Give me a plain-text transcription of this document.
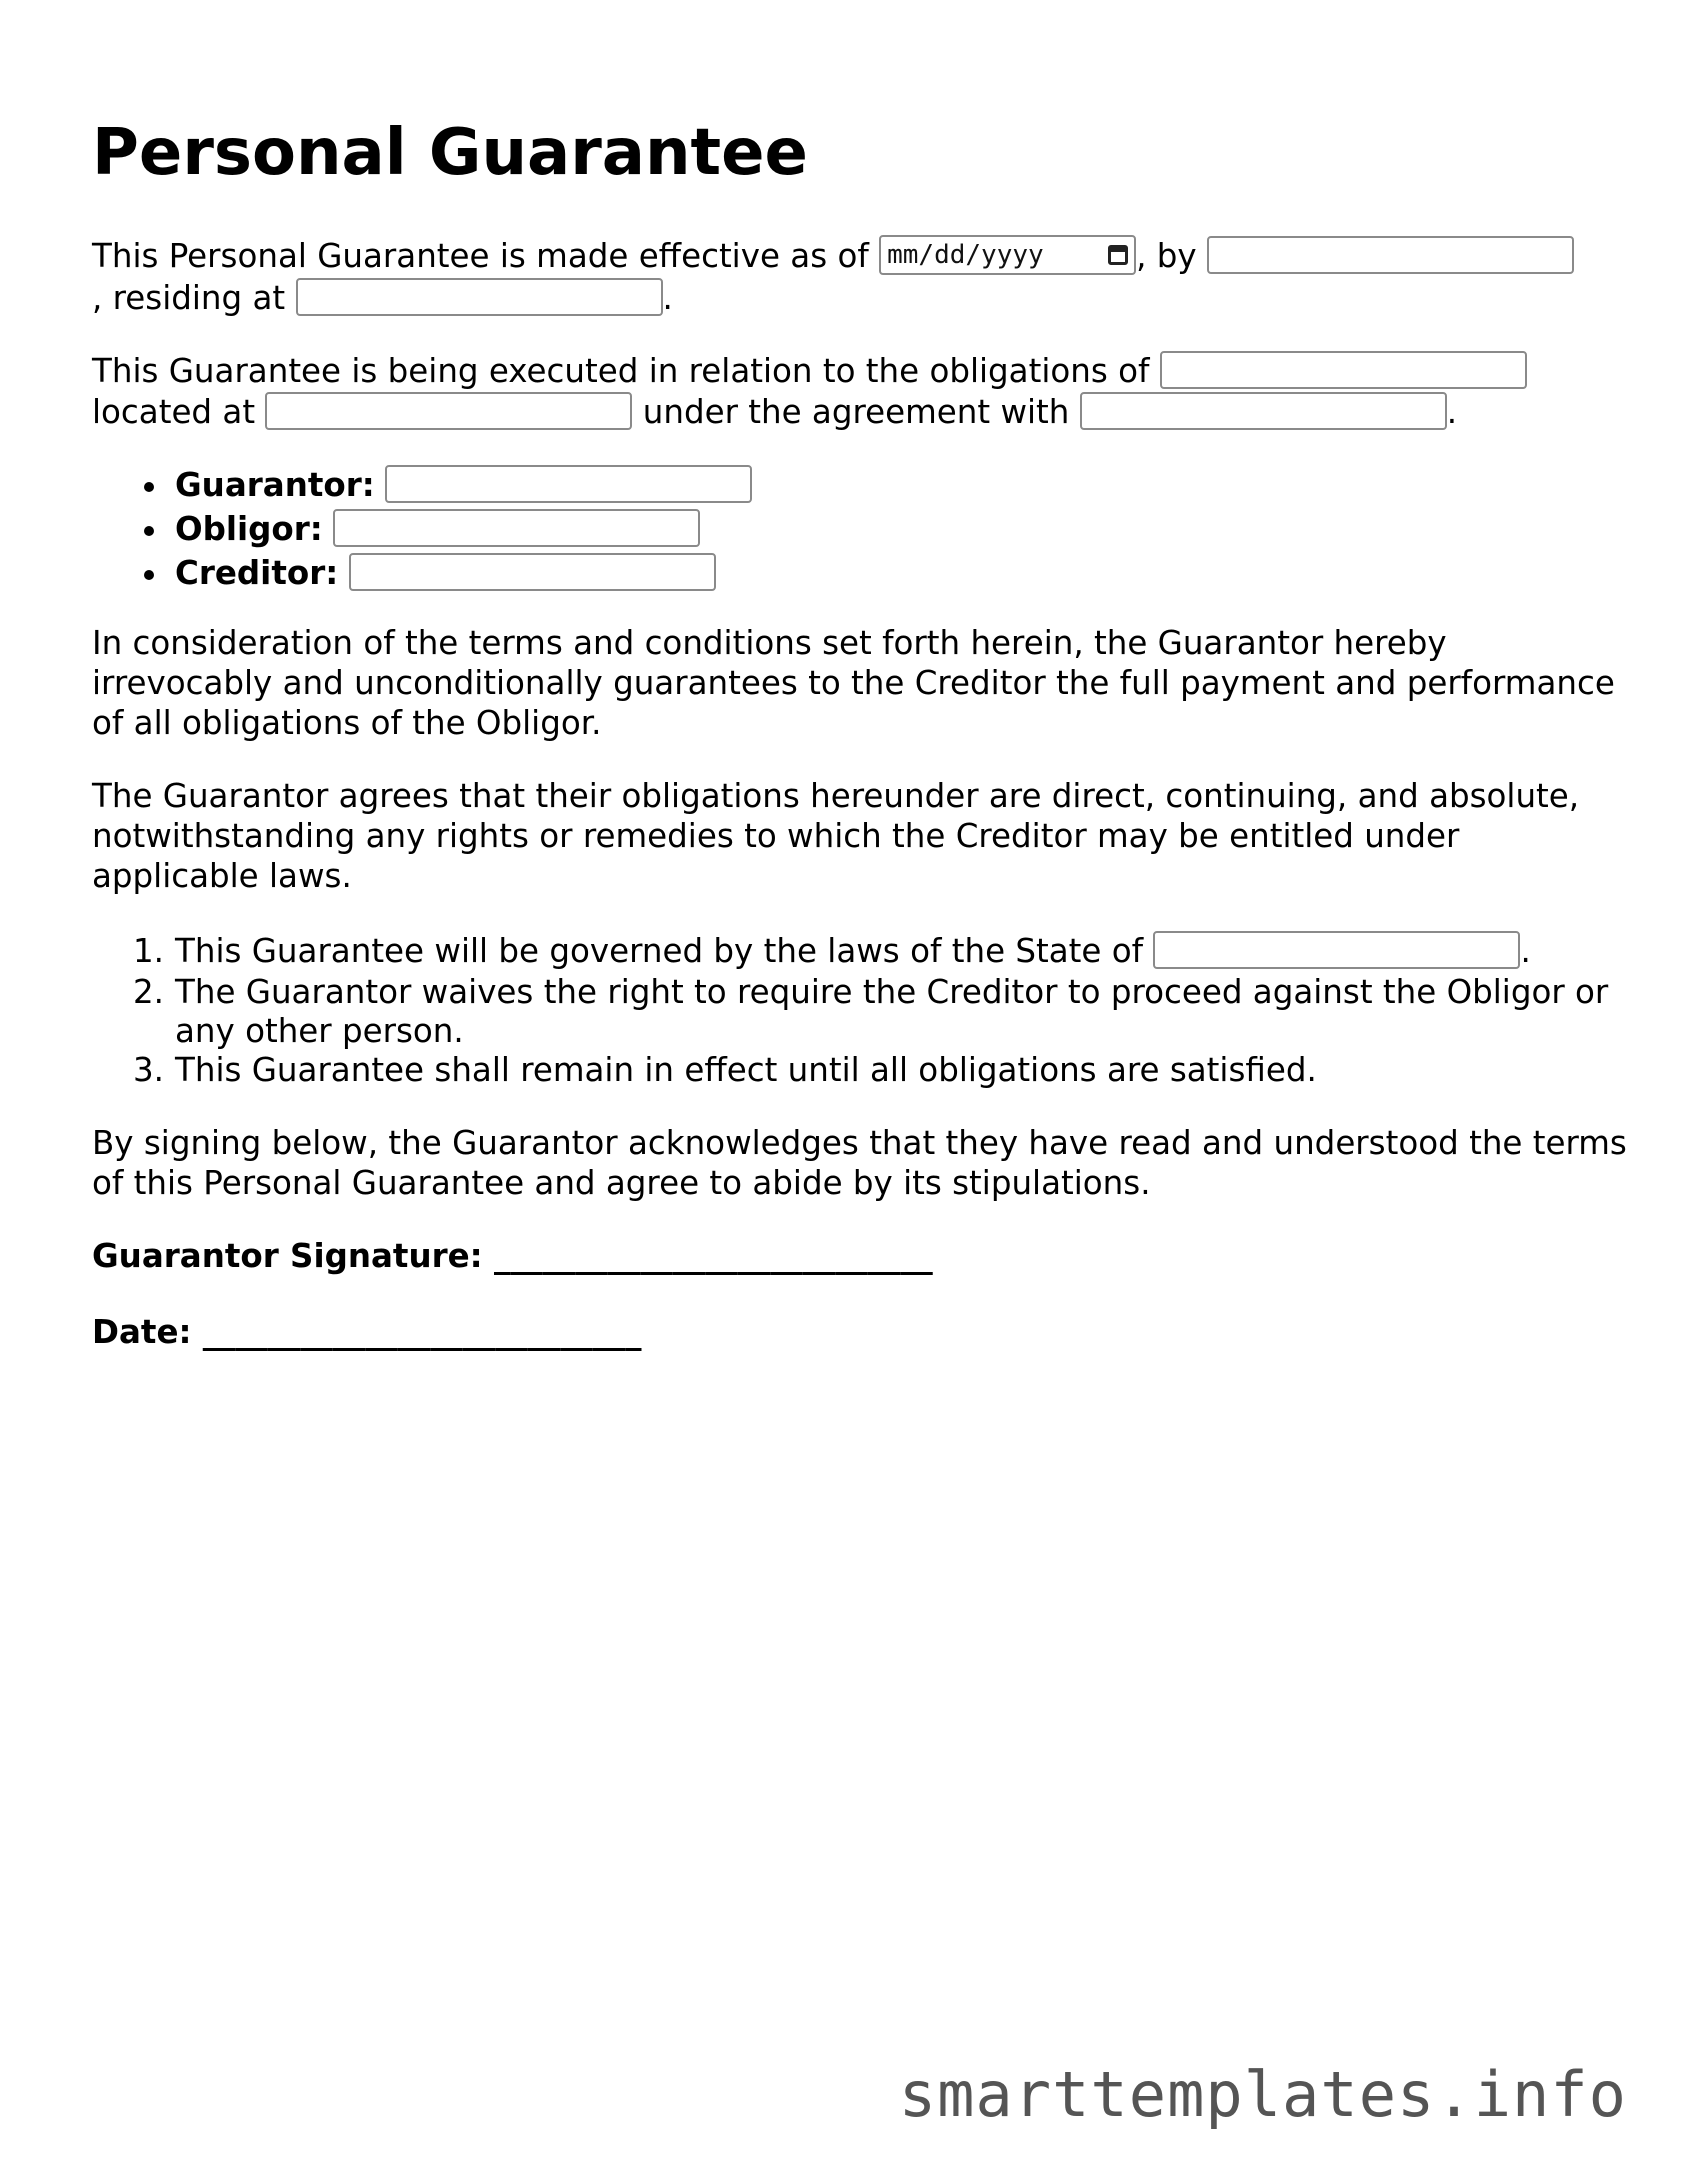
Personal Guarantee

This Personal Guarantee is made effective as of mm/dd/yyyy	, by
, residing at	.

This Guarantee is being executed in relation to the obligations of
located at	under the agreement with	.

Guarantor:
Obligor:
Creditor:

In consideration of the terms and conditions set forth herein, the Guarantor hereby irrevocably and unconditionally guarantees to the Creditor the full payment and performance of all obligations of the Obligor.

The Guarantor agrees that their obligations hereunder are direct, continuing, and absolute, notwithstanding any rights or remedies to which the Creditor may be entitled under applicable laws.

1. This Guarantee will be governed by the laws of the State of	.
2. The Guarantor waives the right to require the Creditor to proceed against the Obligor or any other person.
3. This Guarantee shall remain in effect until all obligations are satisfied.

By signing below, the Guarantor acknowledges that they have read and understood the terms of this Personal Guarantee and agree to abide by its stipulations.

Guarantor Signature: ___________________________
Date: ___________________________
smarttemplates.info
